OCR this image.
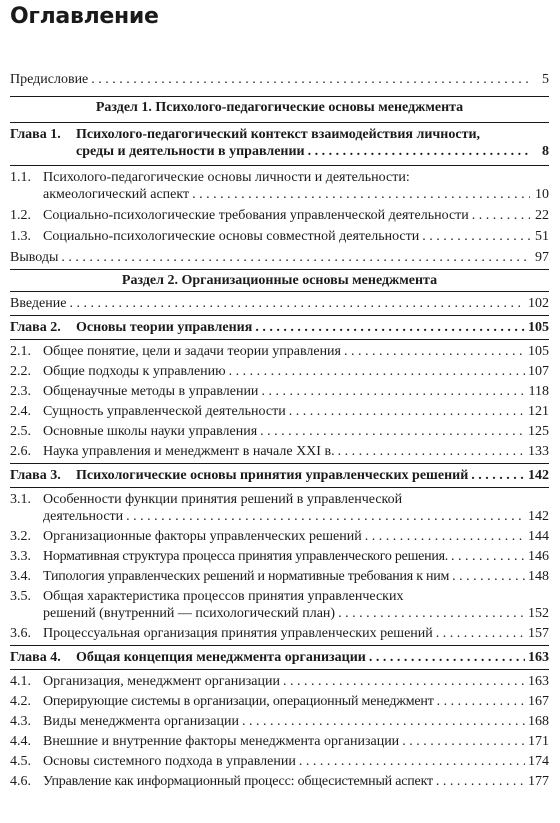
Оглавление
Предисловие . . .	5
Раздел 1. Психолого-педагогические основы менеджмента
Глава 1.	Психолого-педагогический контекст взаимодействия личности,
среды и деятельности в управлении . . .	8
1.1. Психолого-педагогические основы личности и деятельности:
акмеологический аспект . . .	10
1.2. Социально-психологические требования управленческой деятельности . . .	22
1.3. Социально-психологические основы совместной деятельности . . .	51
Выводы . . .	97
Раздел 2. Организационные основы менеджмента
Введение . . .	102
Глава 2.	Основы теории управления . . .	105
2.1. Общее понятие, цели и задачи теории управления . . .	105
2.2. Общие подходы к управлению . . .	107
2.3. Общенаучные методы в управлении . . .	118
2.4. Сущность управленческой деятельности . . .	121
2.5. Основные школы науки управления . . .	125
2.6. Наука управления и менеджмент в начале XXI в. . . .	133
Глава 3.	Психологические основы принятия управленческих решений . . .	142
3.1. Особенности функции принятия решений в управленческой
деятельности . . .	142
3.2. Организационные факторы управленческих решений . . .	144
3.3. Нормативная структура процесса принятия управленческого решения. . . .	146
3.4. Типология управленческих решений и нормативные требования к ним . . .	148
3.5. Общая характеристика процессов принятия управленческих
решений (внутренний — психологический план) . . .	152
3.6. Процессуальная организация принятия управленческих решений . . .	157
Глава 4.	Общая концепция менеджмента организации . . .	163
4.1. Организация, менеджмент организации . . .	163
4.2. Оперирующие системы в организации, операционный менеджмент . . .	167
4.3. Виды менеджмента организации . . .	168
4.4. Внешние и внутренние факторы менеджмента организации . . .	171
4.5. Основы системного подхода в управлении . . .	174
4.6. Управление как информационный процесс: общесистемный аспект . . .	177
